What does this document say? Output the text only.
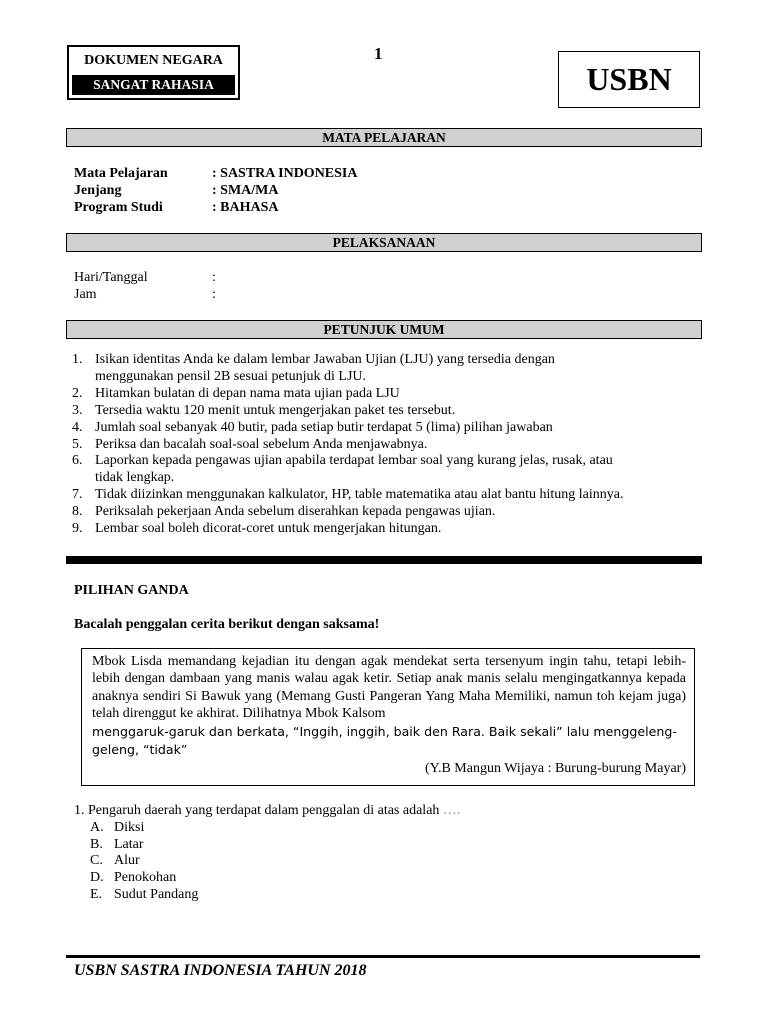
DOKUMEN NEGARA
SANGAT RAHASIA
1
USBN
MATA PELAJARAN
Mata Pelajaran	: SASTRA INDONESIA
Jenjang	: SMA/MA
Program Studi	: BAHASA
PELAKSANAAN
Hari/Tanggal	:
Jam	:
PETUNJUK UMUM
1. Isikan identitas Anda ke dalam lembar Jawaban Ujian (LJU) yang tersedia dengan
menggunakan pensil 2B sesuai petunjuk di LJU.
2. Hitamkan bulatan di depan nama mata ujian pada LJU
3. Tersedia waktu 120 menit untuk mengerjakan paket tes tersebut.
4. Jumlah soal sebanyak 40 butir, pada setiap butir terdapat 5 (lima) pilihan jawaban
5. Periksa dan bacalah soal-soal sebelum Anda menjawabnya.
6. Laporkan kepada pengawas ujian apabila terdapat lembar soal yang kurang jelas, rusak, atau
tidak lengkap.
7. Tidak diizinkan menggunakan kalkulator, HP, table matematika atau alat bantu hitung lainnya.
8. Periksalah pekerjaan Anda sebelum diserahkan kepada pengawas ujian.
9. Lembar soal boleh dicorat-coret untuk mengerjakan hitungan.
PILIHAN GANDA
Bacalah penggalan cerita berikut dengan saksama!
Mbok Lisda memandang kejadian itu dengan agak mendekat serta tersenyum ingin tahu, tetapi lebih-lebih dengan dambaan yang manis walau agak ketir. Setiap anak manis selalu mengingatkannya kepada anaknya sendiri Si Bawuk yang (Memang Gusti Pangeran Yang Maha Memiliki, namun toh kejam juga) telah direnggut ke akhirat. Dilihatnya Mbok Kalsom
menggaruk-garuk dan berkata, “Inggih, inggih, baik den Rara. Baik sekali” lalu menggeleng-
geleng, “tidak”
(Y.B Mangun Wijaya : Burung-burung Mayar)
1. Pengaruh daerah yang terdapat dalam penggalan di atas adalah ….
A. Diksi
B. Latar
C. Alur
D. Penokohan
E. Sudut Pandang
USBN SASTRA INDONESIA TAHUN 2018
